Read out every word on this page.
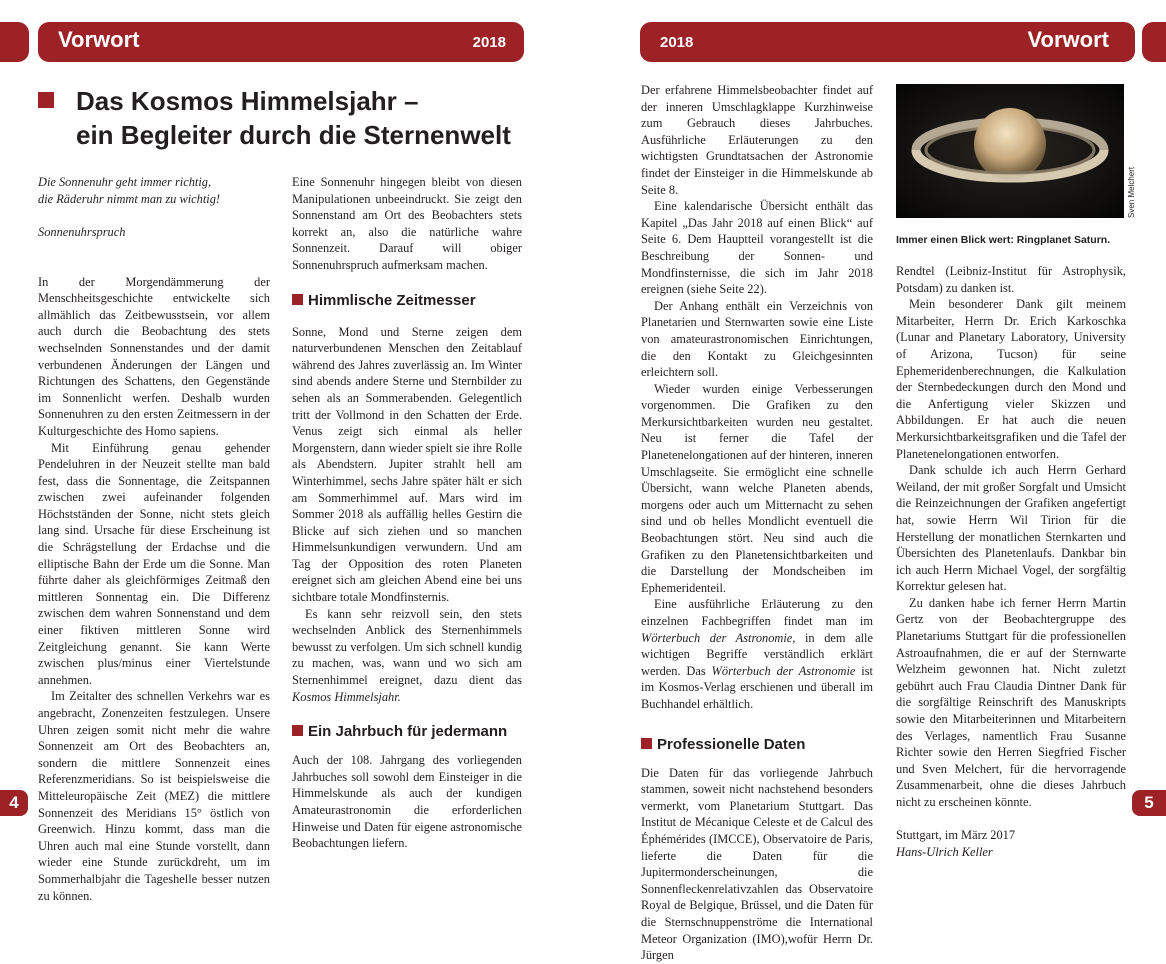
Vorwort	2018	2018	Vorwort
Das Kosmos Himmelsjahr –
ein Begleiter durch die Sternenwelt

Die Sonnenuhr geht immer richtig,

die Räderuhr nimmt man zu wichtig!

Sonnenuhrspruch

In der Morgendämmerung der Menschheitsgeschichte entwickelte sich allmählich das Zeitbewusstsein, vor allem auch durch die Beobachtung des stets wechselnden Sonnenstandes und der damit verbundenen Änderungen der Längen und Richtungen des Schattens, den Gegenstände im Sonnenlicht werfen. Deshalb wurden Sonnenuhren zu den ersten Zeitmessern in der Kulturgeschichte des Homo sapiens.

Mit Einführung genau gehender Pendeluhren in der Neuzeit stellte man bald fest, dass die Sonnentage, die Zeitspannen zwischen zwei aufeinander folgenden Höchstständen der Sonne, nicht stets gleich lang sind. Ursache für diese Erscheinung ist die Schrägstellung der Erdachse und die elliptische Bahn der Erde um die Sonne. Man führte daher als gleichförmiges Zeitmaß den mittleren Sonnentag ein. Die Differenz zwischen dem wahren Sonnenstand und dem einer fiktiven mittleren Sonne wird Zeitgleichung genannt. Sie kann Werte zwischen plus/minus einer Viertelstunde annehmen.

Im Zeitalter des schnellen Verkehrs war es angebracht, Zonenzeiten festzulegen. Unsere Uhren zeigen somit nicht mehr die wahre Sonnenzeit am Ort des Beobachters an, sondern die mittlere Sonnenzeit eines Referenzmeridians. So ist beispielsweise die Mitteleuropäische Zeit (MEZ) die mittlere Sonnenzeit des Meridians 15° östlich von Greenwich. Hinzu kommt, dass man die Uhren auch mal eine Stunde vorstellt, dann wieder eine Stunde zurückdreht, um im Sommerhalbjahr die Tageshelle besser nutzen zu können.

Eine Sonnenuhr hingegen bleibt von diesen Manipulationen unbeeindruckt. Sie zeigt den Sonnenstand am Ort des Beobachters stets korrekt an, also die natürliche wahre Sonnenzeit. Darauf will obiger Sonnenuhrspruch aufmerksam machen.

Himmlische Zeitmesser

Sonne, Mond und Sterne zeigen dem naturverbundenen Menschen den Zeitablauf während des Jahres zuverlässig an. Im Winter sind abends andere Sterne und Sternbilder zu sehen als an Sommerabenden. Gelegentlich tritt der Vollmond in den Schatten der Erde. Venus zeigt sich einmal als heller Morgenstern, dann wieder spielt sie ihre Rolle als Abendstern. Jupiter strahlt hell am Winterhimmel, sechs Jahre später hält er sich am Sommerhimmel auf. Mars wird im Sommer 2018 als auffällig helles Gestirn die Blicke auf sich ziehen und so manchen Himmelsunkundigen verwundern. Und am Tag der Opposition des roten Planeten ereignet sich am gleichen Abend eine bei uns sichtbare totale Mondfinsternis.

Es kann sehr reizvoll sein, den stets wechselnden Anblick des Sternenhimmels bewusst zu verfolgen. Um sich schnell kundig zu machen, was, wann und wo sich am Sternenhimmel ereignet, dazu dient das Kosmos Himmelsjahr.

Ein Jahrbuch für jedermann

Auch der 108. Jahrgang des vorliegenden Jahrbuches soll sowohl dem Einsteiger in die Himmelskunde als auch der kundigen Amateurastronomin die erforderlichen Hinweise und Daten für eigene astronomische Beobachtungen liefern.

Der erfahrene Himmelsbeobachter findet auf der inneren Umschlagklappe Kurzhinweise zum Gebrauch dieses Jahrbuches. Ausführliche Erläuterungen zu den wichtigsten Grundtatsachen der Astronomie findet der Einsteiger in die Himmelskunde ab Seite 8.

Eine kalendarische Übersicht enthält das Kapitel „Das Jahr 2018 auf einen Blick“ auf Seite 6. Dem Hauptteil vorangestellt ist die Beschreibung der Sonnen- und Mondfinsternisse, die sich im Jahr 2018 ereignen (siehe Seite 22).

Der Anhang enthält ein Verzeichnis von Planetarien und Sternwarten sowie eine Liste von amateurastronomischen Einrichtungen, die den Kontakt zu Gleichgesinnten erleichtern soll.

Wieder wurden einige Verbesserungen vorgenommen. Die Grafiken zu den Merkursichtbarkeiten wurden neu gestaltet. Neu ist ferner die Tafel der Planetenelongationen auf der hinteren, inneren Umschlagseite. Sie ermöglicht eine schnelle Übersicht, wann welche Planeten abends, morgens oder auch um Mitternacht zu sehen sind und ob helles Mondlicht eventuell die Beobachtungen stört. Neu sind auch die Grafiken zu den Planetensichtbarkeiten und die Darstellung der Mondscheiben im Ephemeridenteil.

Eine ausführliche Erläuterung zu den einzelnen Fachbegriffen findet man im Wörterbuch der Astronomie, in dem alle wichtigen Begriffe verständlich erklärt werden. Das Wörterbuch der Astronomie ist im Kosmos-Verlag erschienen und überall im Buchhandel erhältlich.

Professionelle Daten

Die Daten für das vorliegende Jahrbuch stammen, soweit nicht nachstehend besonders vermerkt, vom Planetarium Stuttgart. Das Institut de Mécanique Celeste et de Calcul des Éphémérides (IMCCE), Observatoire de Paris, lieferte die Daten für die Jupitermonderscheinungen, die Sonnenfleckenrelativzahlen das Observatoire Royal de Belgique, Brüssel, und die Daten für die Sternschnuppenströme die International Meteor Organization (IMO),wofür Herrn Dr. Jürgen

Sven Melchert
Immer einen Blick wert: Ringplanet Saturn.

Rendtel (Leibniz-Institut für Astrophysik, Potsdam) zu danken ist.

Mein besonderer Dank gilt meinem Mitarbeiter, Herrn Dr. Erich Karkoschka (Lunar and Planetary Laboratory, University of Arizona, Tucson) für seine Ephemeridenberechnungen, die Kalkulation der Sternbedeckungen durch den Mond und die Anfertigung vieler Skizzen und Abbildungen. Er hat auch die neuen Merkursichtbarkeitsgrafiken und die Tafel der Planetenelongationen entworfen.

Dank schulde ich auch Herrn Gerhard Weiland, der mit großer Sorgfalt und Umsicht die Reinzeichnungen der Grafiken angefertigt hat, sowie Herrn Wil Tirion für die Herstellung der monatlichen Sternkarten und Übersichten des Planetenlaufs. Dankbar bin ich auch Herrn Michael Vogel, der sorgfältig Korrektur gelesen hat.

Zu danken habe ich ferner Herrn Martin Gertz von der Beobachtergruppe des Planetariums Stuttgart für die professionellen Astroaufnahmen, die er auf der Sternwarte Welzheim gewonnen hat. Nicht zuletzt gebührt auch Frau Claudia Dintner Dank für die sorgfältige Reinschrift des Manuskripts sowie den Mitarbeiterinnen und Mitarbeitern des Verlages, namentlich Frau Susanne Richter sowie den Herren Siegfried Fischer und Sven Melchert, für die hervorragende Zusammenarbeit, ohne die dieses Jahrbuch nicht zu erscheinen könnte.

Stuttgart, im März 2017

Hans-Ulrich Keller

4	5
